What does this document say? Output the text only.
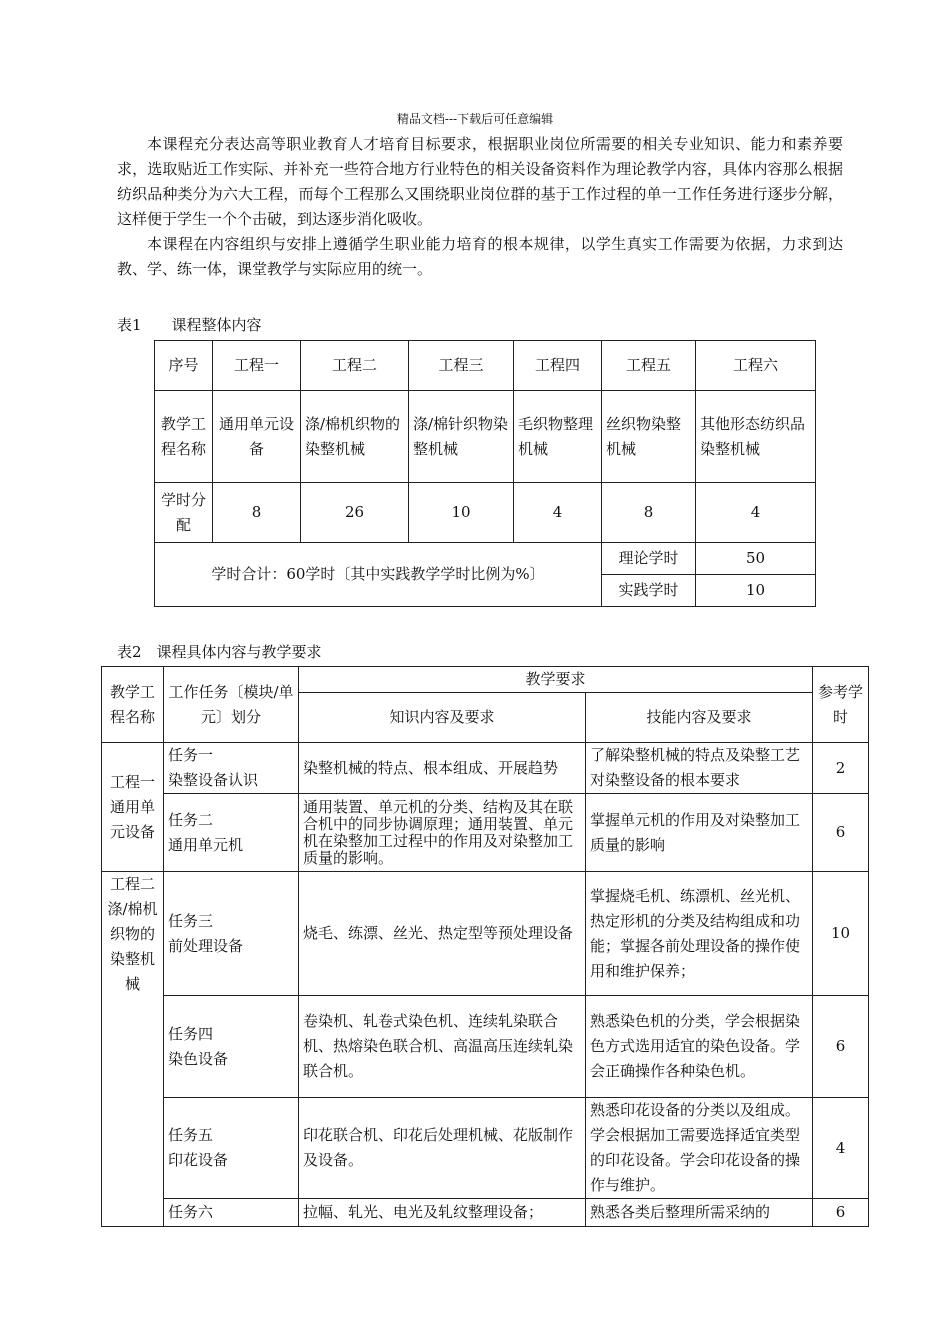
精品文档---下载后可任意编辑

本课程充分表达高等职业教育人才培育目标要求，根据职业岗位所需要的相关专业知识、能力和素养要求，选取贴近工作实际、并补充一些符合地方行业特色的相关设备资料作为理论教学内容，具体内容那么根据纺织品种类分为六大工程，而每个工程那么又围绕职业岗位群的基于工作过程的单一工作任务进行逐步分解，这样便于学生一个个击破，到达逐步消化吸收。

本课程在内容组织与安排上遵循学生职业能力培育的根本规律，以学生真实工作需要为依据，力求到达教、学、练一体，课堂教学与实际应用的统一。

表1　　课程整体内容
序号	工程一	工程二	工程三	工程四	工程五	工程六
教学工程名称	通用单元设备	涤/棉机织物的染整机械	涤/棉针织物染整机械	毛织物整理机械	丝织物染整机械	其他形态纺织品染整机械
学时分配	8	26	10	4	8	4
学时合计：60学时〔其中实践教学学时比例为%〕					理论学时	50
					实践学时	10
表2　课程具体内容与教学要求
教学工程名称	工作任务〔模块/单元〕划分	教学要求		参考学时
		知识内容及要求	技能内容及要求	
工程一通用单元设备	任务一
染整设备认识	染整机械的特点、根本组成、开展趋势	了解染整机械的特点及染整工艺对染整设备的根本要求	2

	任务二
通用单元机	通用装置、单元机的分类、结构及其在联合机中的同步协调原理；通用装置、单元机在染整加工过程中的作用及对染整加工质量的影响。	掌握单元机的作用及对染整加工质量的影响	6
工程二涤/棉机织物的染整机械	任务三
前处理设备	烧毛、练漂、丝光、热定型等预处理设备	掌握烧毛机、练漂机、丝光机、热定形机的分类及结构组成和功能；掌握各前处理设备的操作使用和维护保养；	10

	任务四
染色设备	卷染机、轧卷式染色机、连续轧染联合机、热熔染色联合机、高温高压连续轧染联合机。	熟悉染色机的分类，学会根据染色方式选用适宜的染色设备。学会正确操作各种染色机。	6

	任务五
印花设备	印花联合机、印花后处理机械、花版制作及设备。	熟悉印花设备的分类以及组成。学会根据加工需要选择适宜类型的印花设备。学会印花设备的操作与维护。	4

	任务六	拉幅、轧光、电光及轧纹整理设备；	熟悉各类后整理所需采纳的	6
